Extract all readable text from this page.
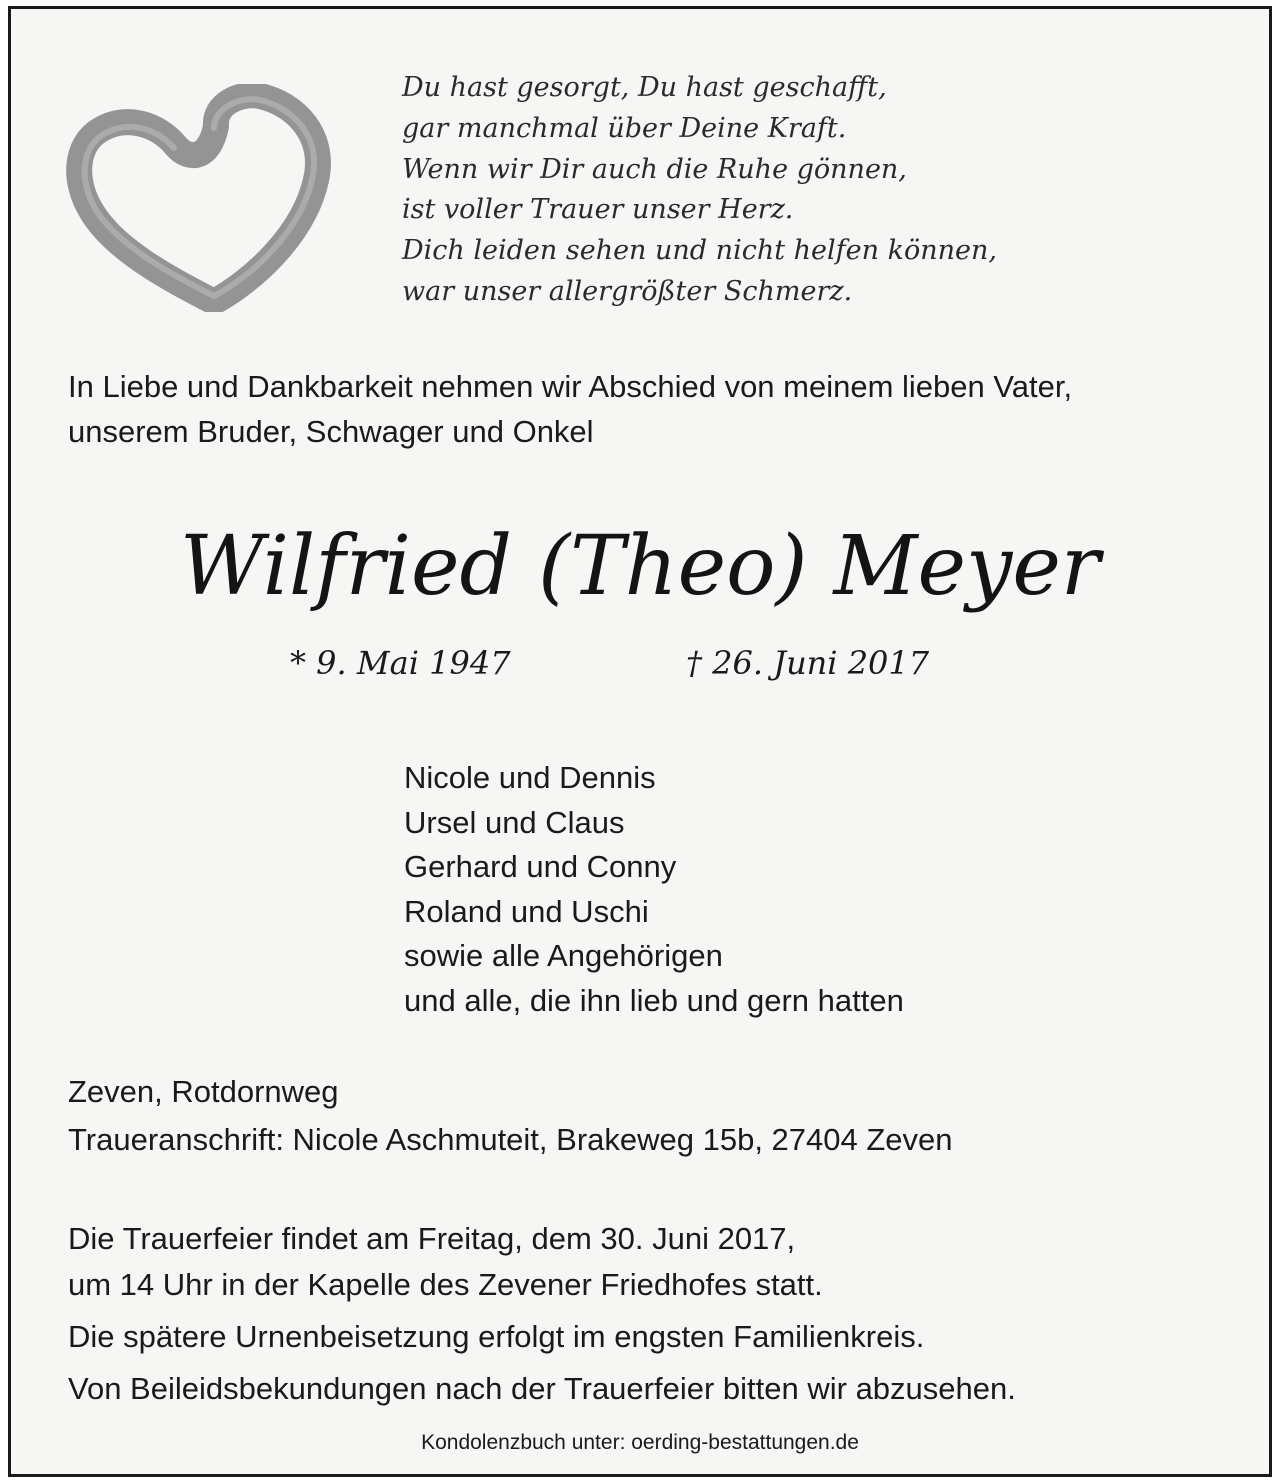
Du hast gesorgt, Du hast geschafft,
gar manchmal über Deine Kraft.
Wenn wir Dir auch die Ruhe gönnen,
ist voller Trauer unser Herz.
Dich leiden sehen und nicht helfen können,
war unser allergrößter Schmerz.
In Liebe und Dankbarkeit nehmen wir Abschied von meinem lieben Vater,
unserem Bruder, Schwager und Onkel
Wilfried (Theo) Meyer
* 9. Mai 1947	† 26. Juni 2017
Nicole und Dennis
Ursel und Claus
Gerhard und Conny
Roland und Uschi
sowie alle Angehörigen
und alle, die ihn lieb und gern hatten
Zeven, Rotdornweg
Traueranschrift: Nicole Aschmuteit, Brakeweg 15b, 27404 Zeven
Die Trauerfeier findet am Freitag, dem 30. Juni 2017,
um 14 Uhr in der Kapelle des Zevener Friedhofes statt.
Die spätere Urnenbeisetzung erfolgt im engsten Familienkreis.
Von Beileidsbekundungen nach der Trauerfeier bitten wir abzusehen.
Kondolenzbuch unter: oerding-bestattungen.de
